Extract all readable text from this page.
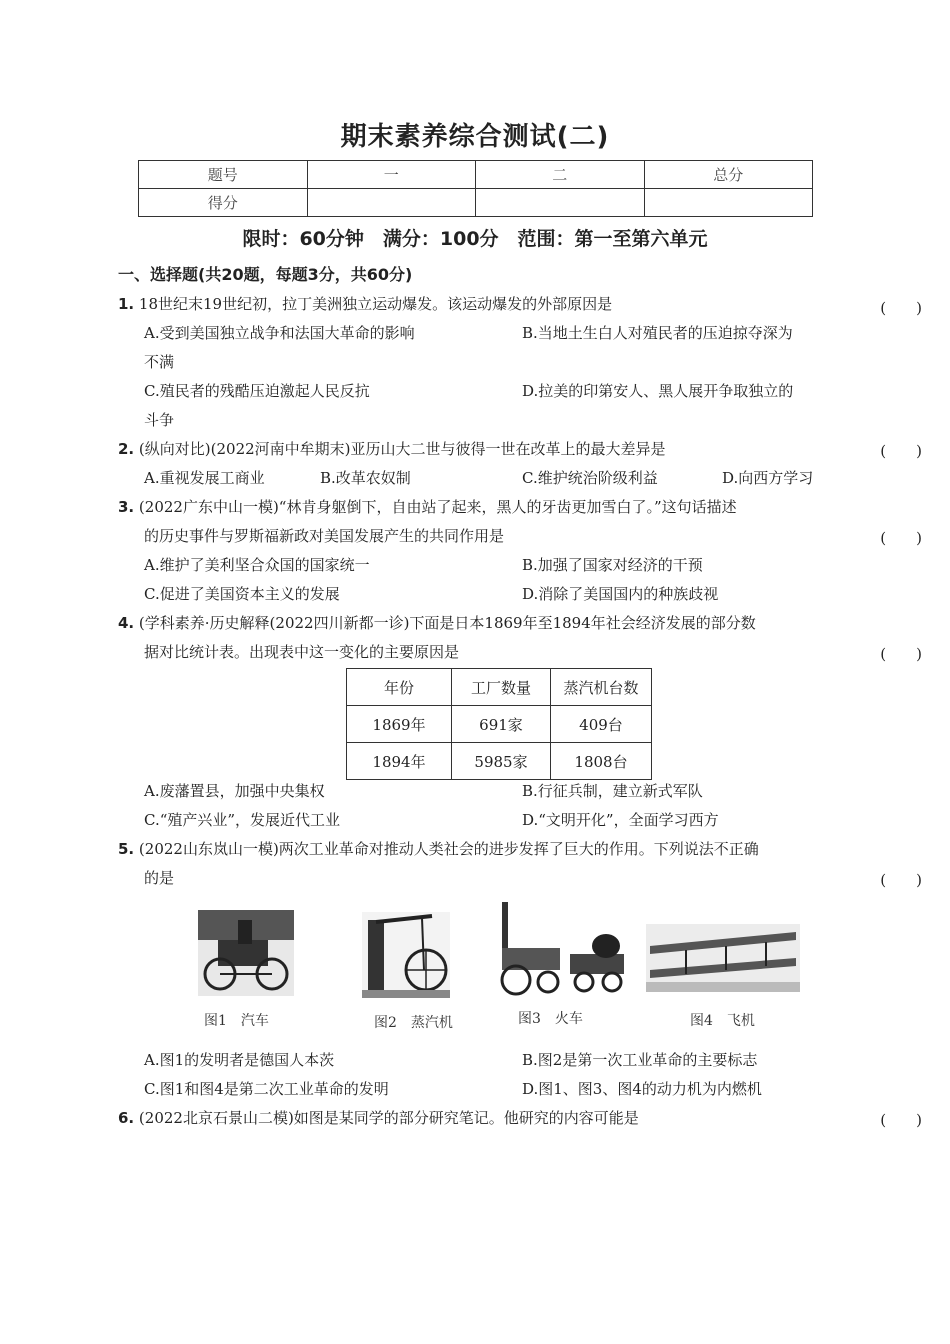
期末素养综合测试(二)
题号	一	二	总分
得分			
限时：60分钟　满分：100分　范围：第一至第六单元
一、选择题(共20题，每题3分，共60分)
1. 18世纪末19世纪初，拉丁美洲独立运动爆发。该运动爆发的外部原因是	(　　)
A.受到美国独立战争和法国大革命的影响	B.当地土生白人对殖民者的压迫掠夺深为
不满
C.殖民者的残酷压迫激起人民反抗	D.拉美的印第安人、黑人展开争取独立的
斗争
2. (纵向对比)(2022河南中牟期末)亚历山大二世与彼得一世在改革上的最大差异是	(　　)
A.重视发展工商业	B.改革农奴制	C.维护统治阶级利益	D.向西方学习
3. (2022广东中山一模)“林肯身躯倒下，自由站了起来，黑人的牙齿更加雪白了。”这句话描述
的历史事件与罗斯福新政对美国发展产生的共同作用是	(　　)
A.维护了美利坚合众国的国家统一	B.加强了国家对经济的干预
C.促进了美国资本主义的发展	D.消除了美国国内的种族歧视
4. (学科素养·历史解释(2022四川新都一诊)下面是日本1869年至1894年社会经济发展的部分数
据对比统计表。出现表中这一变化的主要原因是	(　　)
年份	工厂数量	蒸汽机台数
1869年	691家	409台
1894年	5985家	1808台
A.废藩置县，加强中央集权	B.行征兵制，建立新式军队
C.“殖产兴业”，发展近代工业	D.“文明开化”，全面学习西方
5. (2022山东岚山一模)两次工业革命对推动人类社会的进步发挥了巨大的作用。下列说法不正确
的是	(　　)
图1　汽车	图2　蒸汽机	图3　火车	图4　飞机
A.图1的发明者是德国人本茨	B.图2是第一次工业革命的主要标志
C.图1和图4是第二次工业革命的发明	D.图1、图3、图4的动力机为内燃机
6. (2022北京石景山二模)如图是某同学的部分研究笔记。他研究的内容可能是	(　　)
